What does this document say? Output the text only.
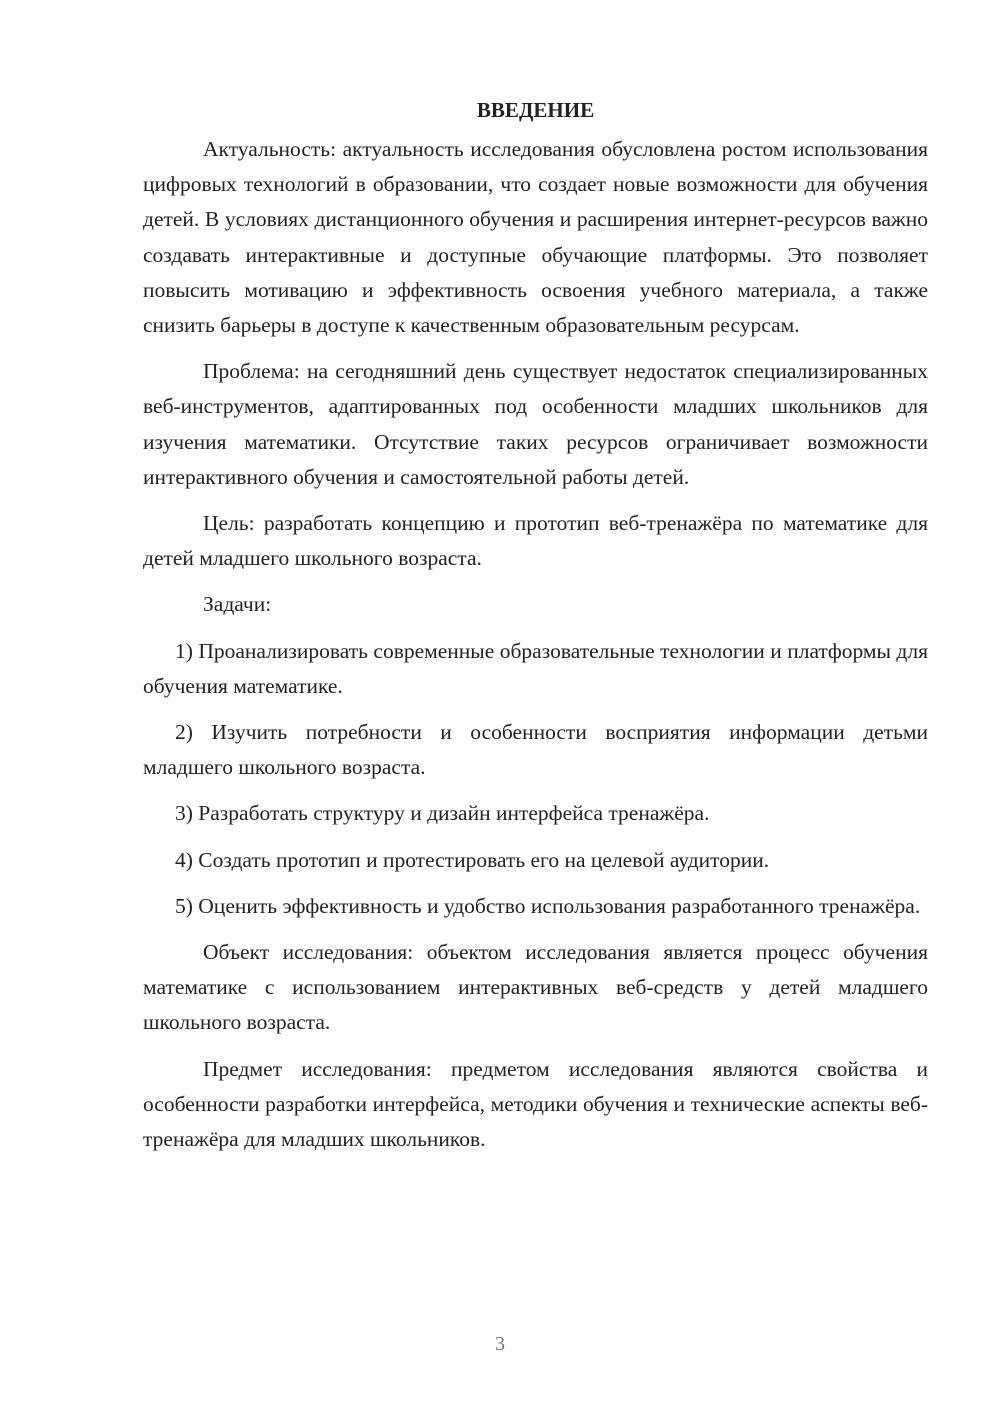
ВВЕДЕНИЕ

Актуальность: актуальность исследования обусловлена ростом использования цифровых технологий в образовании, что создает новые возможности для обучения детей. В условиях дистанционного обучения и расширения интернет-ресурсов важно создавать интерактивные и доступные обучающие платформы. Это позволяет повысить мотивацию и эффективность освоения учебного материала, а также снизить барьеры в доступе к качественным образовательным ресурсам.

Проблема: на сегодняшний день существует недостаток специализированных веб-инструментов, адаптированных под особенности младших школьников для изучения математики. Отсутствие таких ресурсов ограничивает возможности интерактивного обучения и самостоятельной работы детей.

Цель: разработать концепцию и прототип веб-тренажёра по математике для детей младшего школьного возраста.

Задачи:

1) Проанализировать современные образовательные технологии и платформы для обучения математике.

2) Изучить потребности и особенности восприятия информации детьми младшего школьного возраста.

3) Разработать структуру и дизайн интерфейса тренажёра.

4) Создать прототип и протестировать его на целевой аудитории.

5) Оценить эффективность и удобство использования разработанного тренажёра.

Объект исследования: объектом исследования является процесс обучения математике с использованием интерактивных веб-средств у детей младшего школьного возраста.

Предмет исследования: предметом исследования являются свойства и особенности разработки интерфейса, методики обучения и технические аспекты веб-тренажёра для младших школьников.

3
